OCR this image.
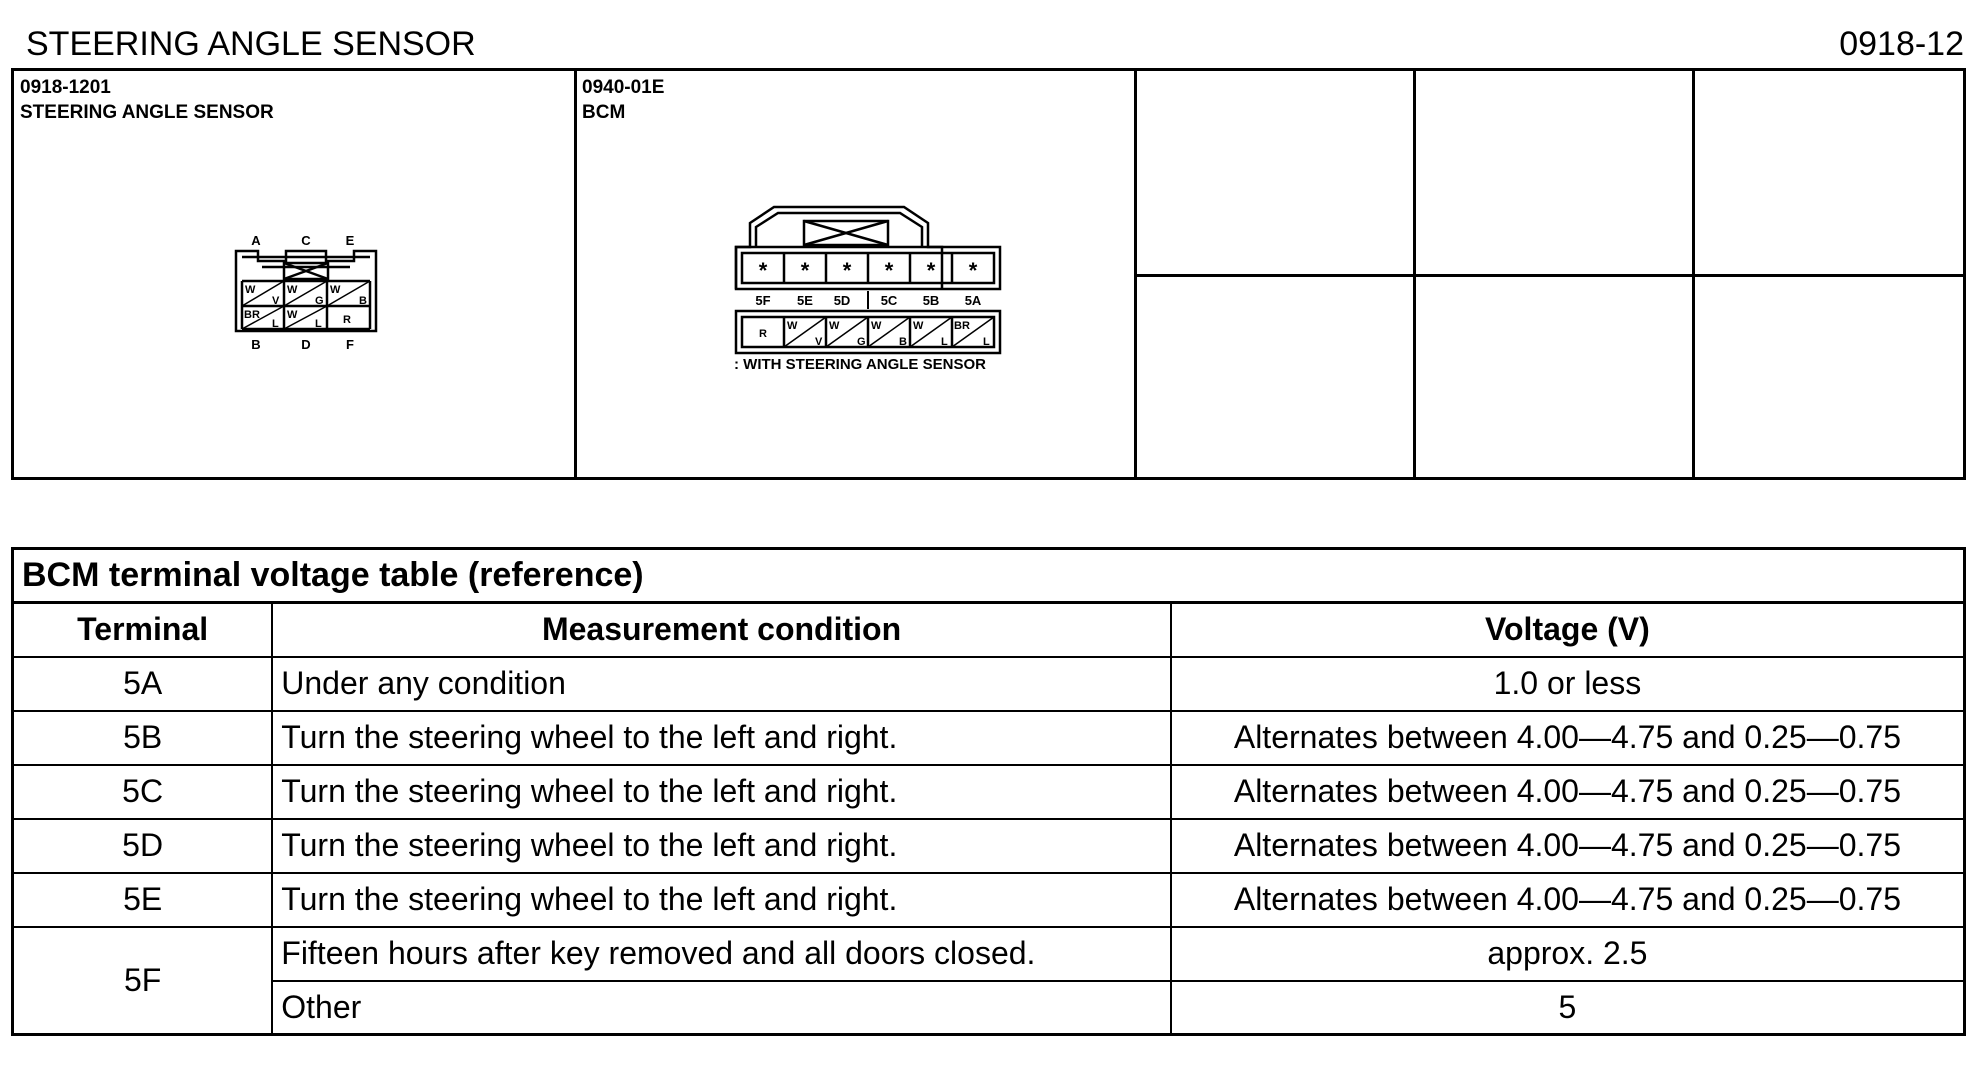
STEERING ANGLE SENSOR	0918-12
0918-1201
STEERING ANGLE SENSOR
0940-01E
BCM
A	C	E
B	D	F
W
V
W
G
W
B
BR
L
W
L R
* * * * * *
5F 5E 5D 5C 5B 5A
R
W
V
W
G
W
B
W
L
BR
L
: WITH STEERING ANGLE SENSOR
BCM terminal voltage table (reference)		
Terminal	Measurement condition	Voltage (V)
5A	Under any condition	1.0 or less
5B	Turn the steering wheel to the left and right.	Alternates between 4.00—4.75 and 0.25—0.75
5C	Turn the steering wheel to the left and right.	Alternates between 4.00—4.75 and 0.25—0.75
5D	Turn the steering wheel to the left and right.	Alternates between 4.00—4.75 and 0.25—0.75
5E	Turn the steering wheel to the left and right.	Alternates between 4.00—4.75 and 0.25—0.75
5F	Fifteen hours after key removed and all doors closed.	approx. 2.5
	Other	5
